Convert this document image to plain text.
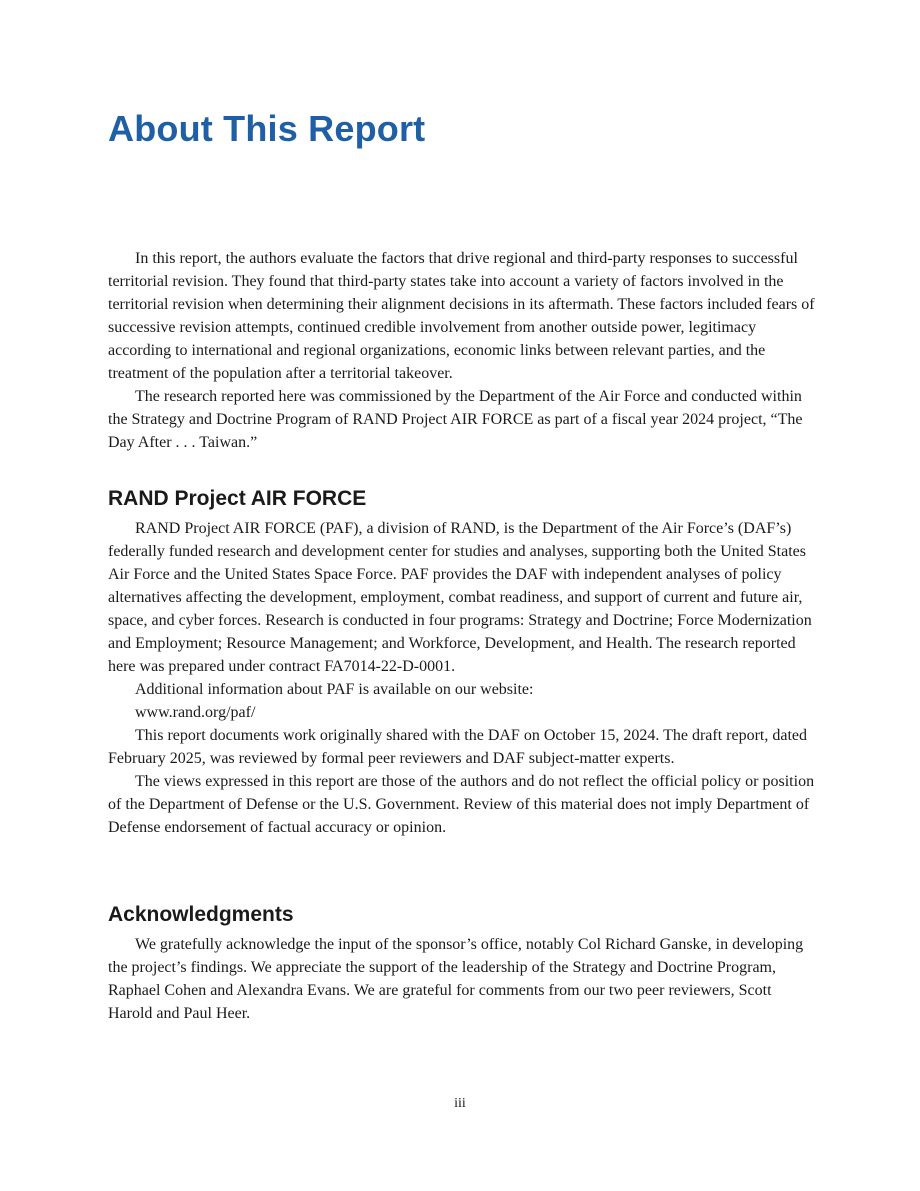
About This Report

In this report, the authors evaluate the factors that drive regional and third-party responses to successful territorial revision. They found that third-party states take into account a variety of factors involved in the territorial revision when determining their alignment decisions in its aftermath. These factors included fears of successive revision attempts, continued credible involvement from another outside power, legitimacy according to international and regional organizations, economic links between relevant parties, and the treatment of the population after a territorial takeover.

The research reported here was commissioned by the Department of the Air Force and conducted within the Strategy and Doctrine Program of RAND Project AIR FORCE as part of a fiscal year 2024 project, “The Day After . . . Taiwan.”

RAND Project AIR FORCE

RAND Project AIR FORCE (PAF), a division of RAND, is the Department of the Air Force’s (DAF’s) federally funded research and development center for studies and analyses, supporting both the United States Air Force and the United States Space Force. PAF provides the DAF with independent analyses of policy alternatives affecting the development, employment, combat readiness, and support of current and future air, space, and cyber forces. Research is conducted in four programs: Strategy and Doctrine; Force Modernization and Employment; Resource Management; and Workforce, Development, and Health. The research reported here was prepared under contract FA7014-22-D-0001.

Additional information about PAF is available on our website:

www.rand.org/paf/

This report documents work originally shared with the DAF on October 15, 2024. The draft report, dated February 2025, was reviewed by formal peer reviewers and DAF subject-matter experts.

The views expressed in this report are those of the authors and do not reflect the official policy or position of the Department of Defense or the U.S. Government. Review of this material does not imply Department of Defense endorsement of factual accuracy or opinion.

Acknowledgments

We gratefully acknowledge the input of the sponsor’s office, notably Col Richard Ganske, in developing the project’s findings. We appreciate the support of the leadership of the Strategy and Doctrine Program, Raphael Cohen and Alexandra Evans. We are grateful for comments from our two peer reviewers, Scott Harold and Paul Heer.

iii
